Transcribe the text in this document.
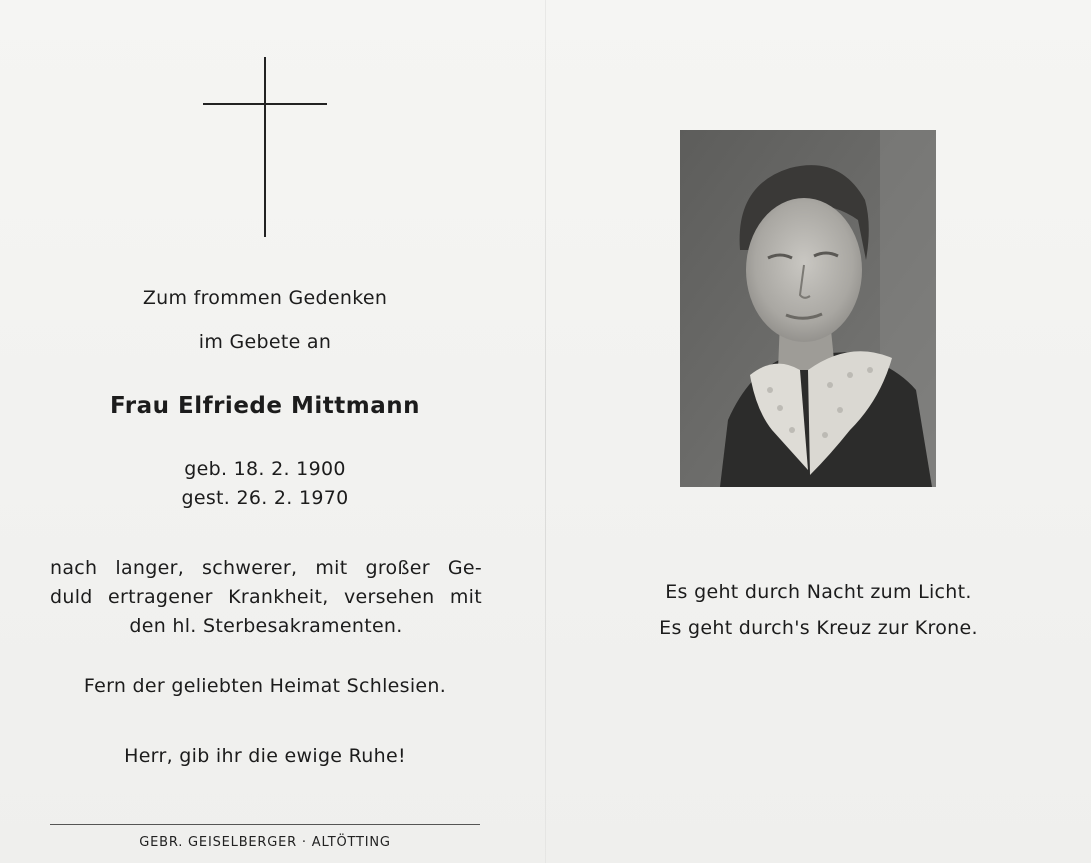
Zum frommen Gedenken
im Gebete an
Frau Elfriede Mittmann
geb. 18. 2. 1900
gest. 26. 2. 1970
nach langer, schwerer, mit großer Ge-
duld ertragener Krankheit, versehen mit
den hl. Sterbesakramenten.
Fern der geliebten Heimat Schlesien.
Herr, gib ihr die ewige Ruhe!
GEBR. GEISELBERGER · ALTÖTTING
Es geht durch Nacht zum Licht.
Es geht durch's Kreuz zur Krone.
